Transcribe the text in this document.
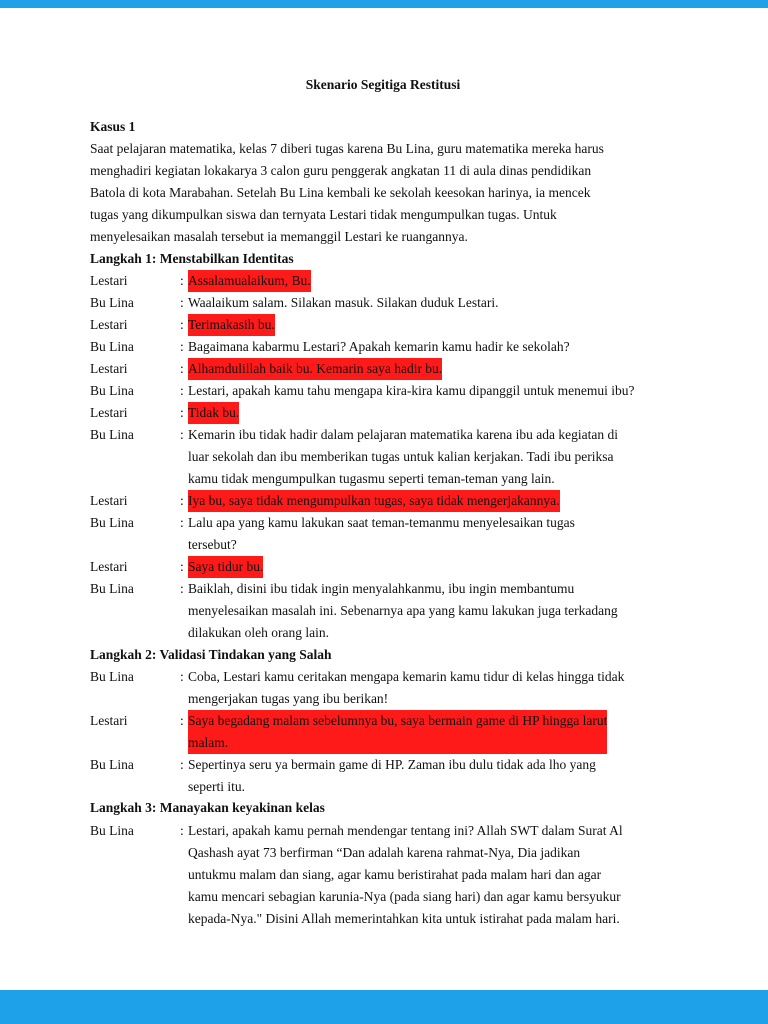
Skenario Segitiga Restitusi
Kasus 1
Saat pelajaran matematika, kelas 7 diberi tugas karena Bu Lina, guru matematika mereka harus
menghadiri kegiatan lokakarya 3 calon guru penggerak angkatan 11 di aula dinas pendidikan
Batola di kota Marabahan. Setelah Bu Lina kembali ke sekolah keesokan harinya, ia mencek
tugas yang dikumpulkan siswa dan ternyata Lestari tidak mengumpulkan tugas. Untuk
menyelesaikan masalah tersebut ia memanggil Lestari ke ruangannya.
Langkah 1: Menstabilkan Identitas
Lestari	: Assalamualaikum, Bu.
Bu Lina	: Waalaikum salam. Silakan masuk. Silakan duduk Lestari.
Lestari	: Terimakasih bu.
Bu Lina	: Bagaimana kabarmu Lestari? Apakah kemarin kamu hadir ke sekolah?
Lestari	: Alhamdulillah baik bu. Kemarin saya hadir bu.
Bu Lina	: Lestari, apakah kamu tahu mengapa kira-kira kamu dipanggil untuk menemui ibu?
Lestari	: Tidak bu.
Bu Lina	: Kemarin ibu tidak hadir dalam pelajaran matematika karena ibu ada kegiatan di
luar sekolah dan ibu memberikan tugas untuk kalian kerjakan. Tadi ibu periksa
kamu tidak mengumpulkan tugasmu seperti teman-teman yang lain.
Lestari	: Iya bu, saya tidak mengumpulkan tugas, saya tidak mengerjakannya.
Bu Lina	: Lalu apa yang kamu lakukan saat teman-temanmu menyelesaikan tugas
tersebut?
Lestari	: Saya tidur bu.
Bu Lina	: Baiklah, disini ibu tidak ingin menyalahkanmu, ibu ingin membantumu
menyelesaikan masalah ini. Sebenarnya apa yang kamu lakukan juga terkadang
dilakukan oleh orang lain.
Langkah 2: Validasi Tindakan yang Salah
Bu Lina	: Coba, Lestari kamu ceritakan mengapa kemarin kamu tidur di kelas hingga tidak
mengerjakan tugas yang ibu berikan!
Lestari	: Saya begadang malam sebelumnya bu, saya bermain game di HP hingga larut
malam.
Bu Lina	: Sepertinya seru ya bermain game di HP. Zaman ibu dulu tidak ada lho yang
seperti itu.
Langkah 3: Manayakan keyakinan kelas
Bu Lina	: Lestari, apakah kamu pernah mendengar tentang ini? Allah SWT dalam Surat Al
Qashash ayat 73 berfirman “Dan adalah karena rahmat-Nya, Dia jadikan
untukmu malam dan siang, agar kamu beristirahat pada malam hari dan agar
kamu mencari sebagian karunia-Nya (pada siang hari) dan agar kamu bersyukur
kepada-Nya." Disini Allah memerintahkan kita untuk istirahat pada malam hari.
